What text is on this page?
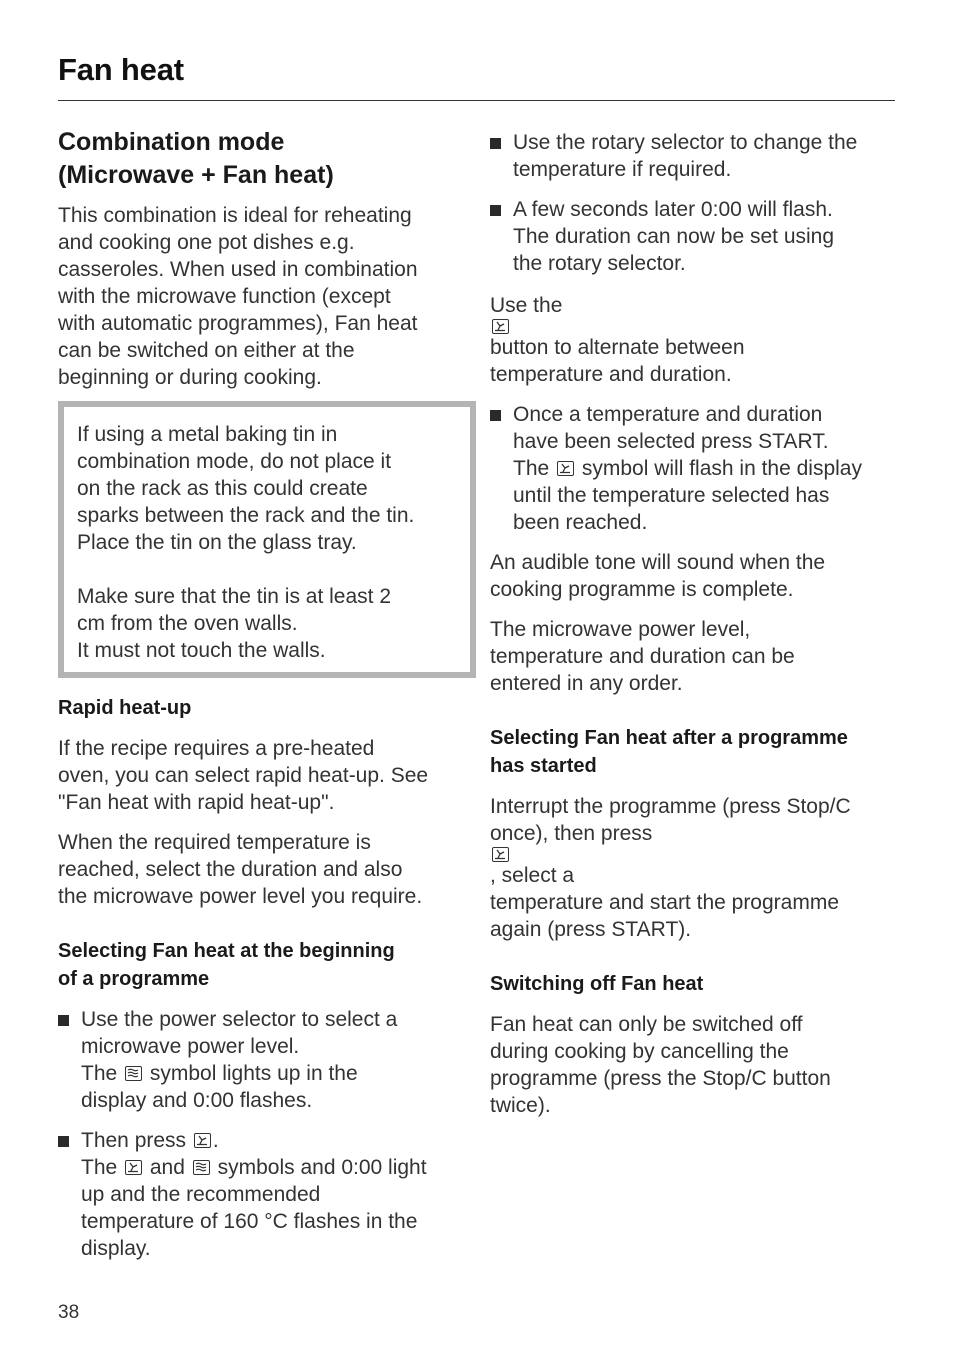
Fan heat
Combination mode
(Microwave + Fan heat)
This combination is ideal for reheating
and cooking one pot dishes e.g.
casseroles. When used in combination
with the microwave function (except
with automatic programmes), Fan heat
can be switched on either at the
beginning or during cooking.
If using a metal baking tin in
combination mode, do not place it
on the rack as this could create
sparks between the rack and the tin.
Place the tin on the glass tray.
Make sure that the tin is at least 2
cm from the oven walls.
It must not touch the walls.
Rapid heat-up
If the recipe requires a pre-heated
oven, you can select rapid heat-up. See
"Fan heat with rapid heat-up".
When the required temperature is
reached, select the duration and also
the microwave power level you require.
Selecting Fan heat at the beginning
of a programme
Use the power selector to select a
microwave power level.
The symbol lights up in the
display and 0:00 flashes.
Then press .
The and symbols and 0:00 light
up and the recommended
temperature of 160 °C flashes in the
display.
Use the rotary selector to change the
temperature if required.
A few seconds later 0:00 will flash.
The duration can now be set using
the rotary selector.
Use the
button to alternate between
temperature and duration.
Once a temperature and duration
have been selected press START.
The symbol will flash in the display
until the temperature selected has
been reached.
An audible tone will sound when the
cooking programme is complete.
The microwave power level,
temperature and duration can be
entered in any order.
Selecting Fan heat after a programme
has started
Interrupt the programme (press Stop/C
once), then press
, select a
temperature and start the programme
again (press START).
Switching off Fan heat
Fan heat can only be switched off
during cooking by cancelling the
programme (press the Stop/C button
twice).
38
